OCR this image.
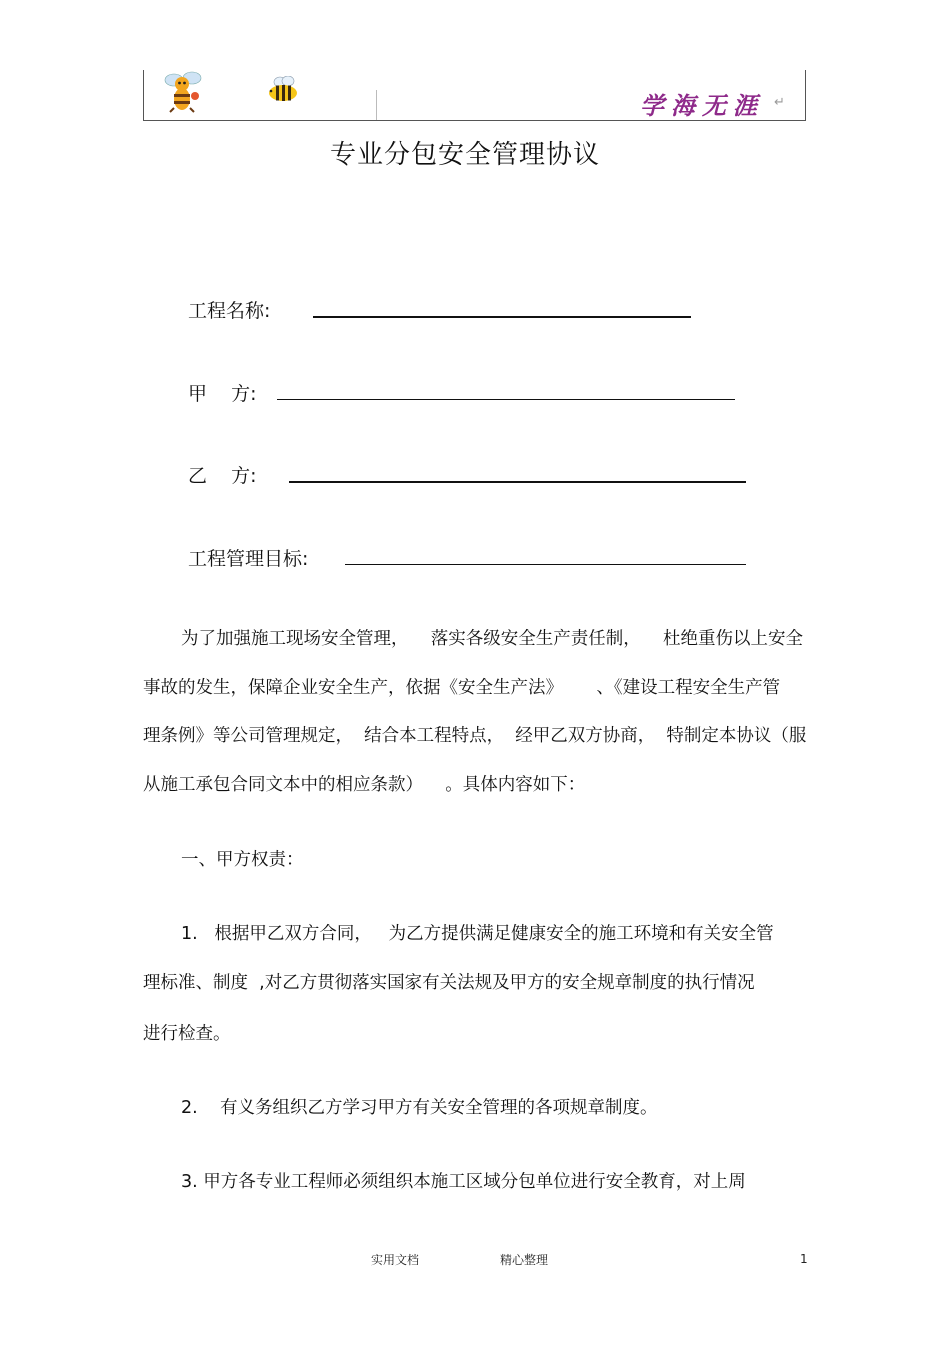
学海无涯 ↵
专业分包安全管理协议
工程名称:
甲    方:
乙    方:
工程管理目标:
为了加强施工现场安全管理，    落实各级安全生产责任制，    杜绝重伤以上安全
事故的发生，保障企业安全生产，依据《安全生产法》      、《建设工程安全生产管
理条例》等公司管理规定，  结合本工程特点，  经甲乙双方协商，  特制定本协议（服
从施工承包合同文本中的相应条款）    。具体内容如下：
一、甲方权责：
1.   根据甲乙双方合同，   为乙方提供满足健康安全的施工环境和有关安全管
理标准、制度  ,对乙方贯彻落实国家有关法规及甲方的安全规章制度的执行情况
进行检查。
2.    有义务组织乙方学习甲方有关安全管理的各项规章制度。
3. 甲方各专业工程师必须组织本施工区域分包单位进行安全教育，对上周
实用文档	精心整理	1
